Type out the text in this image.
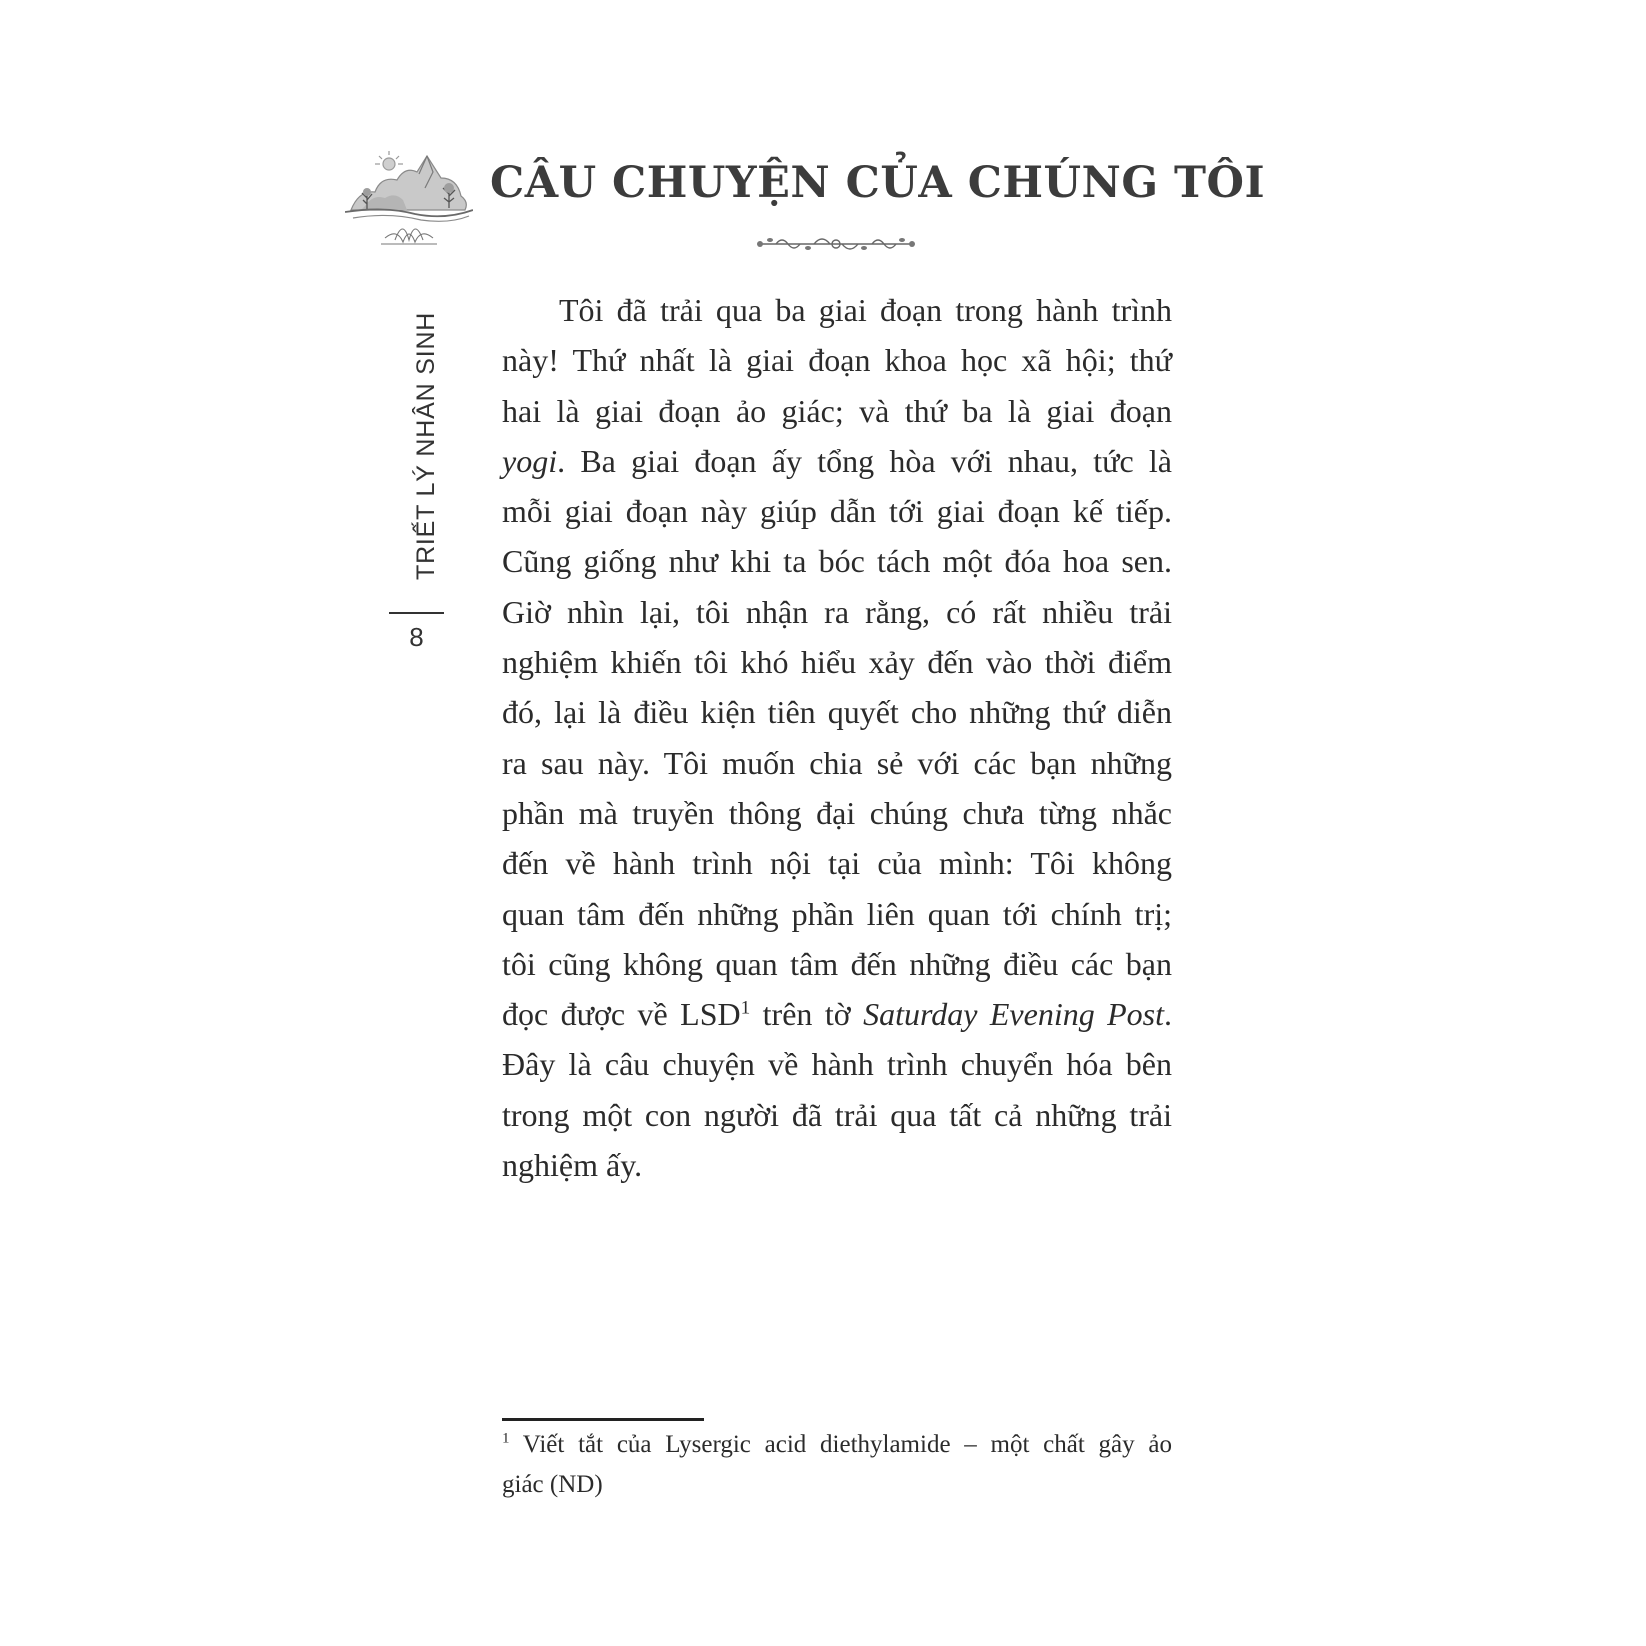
CÂU CHUYỆN CỦA CHÚNG TÔI
TRIẾT LÝ NHÂN SINH
8
Tôi đã trải qua ba giai đoạn trong hành trình
này! Thứ nhất là giai đoạn khoa học xã hội; thứ
hai là giai đoạn ảo giác; và thứ ba là giai đoạn
yogi. Ba giai đoạn ấy tổng hòa với nhau, tức là
mỗi giai đoạn này giúp dẫn tới giai đoạn kế tiếp.
Cũng giống như khi ta bóc tách một đóa hoa sen.
Giờ nhìn lại, tôi nhận ra rằng, có rất nhiều trải
nghiệm khiến tôi khó hiểu xảy đến vào thời điểm
đó, lại là điều kiện tiên quyết cho những thứ diễn
ra sau này. Tôi muốn chia sẻ với các bạn những
phần mà truyền thông đại chúng chưa từng nhắc
đến về hành trình nội tại của mình: Tôi không
quan tâm đến những phần liên quan tới chính trị;
tôi cũng không quan tâm đến những điều các bạn
đọc được về LSD$^1$ trên tờ Saturday Evening Post.
Đây là câu chuyện về hành trình chuyển hóa bên
trong một con người đã trải qua tất cả những trải
nghiệm ấy.
$^1$ Viết tắt của Lysergic acid diethylamide – một chất gây ảo
giác (ND)
